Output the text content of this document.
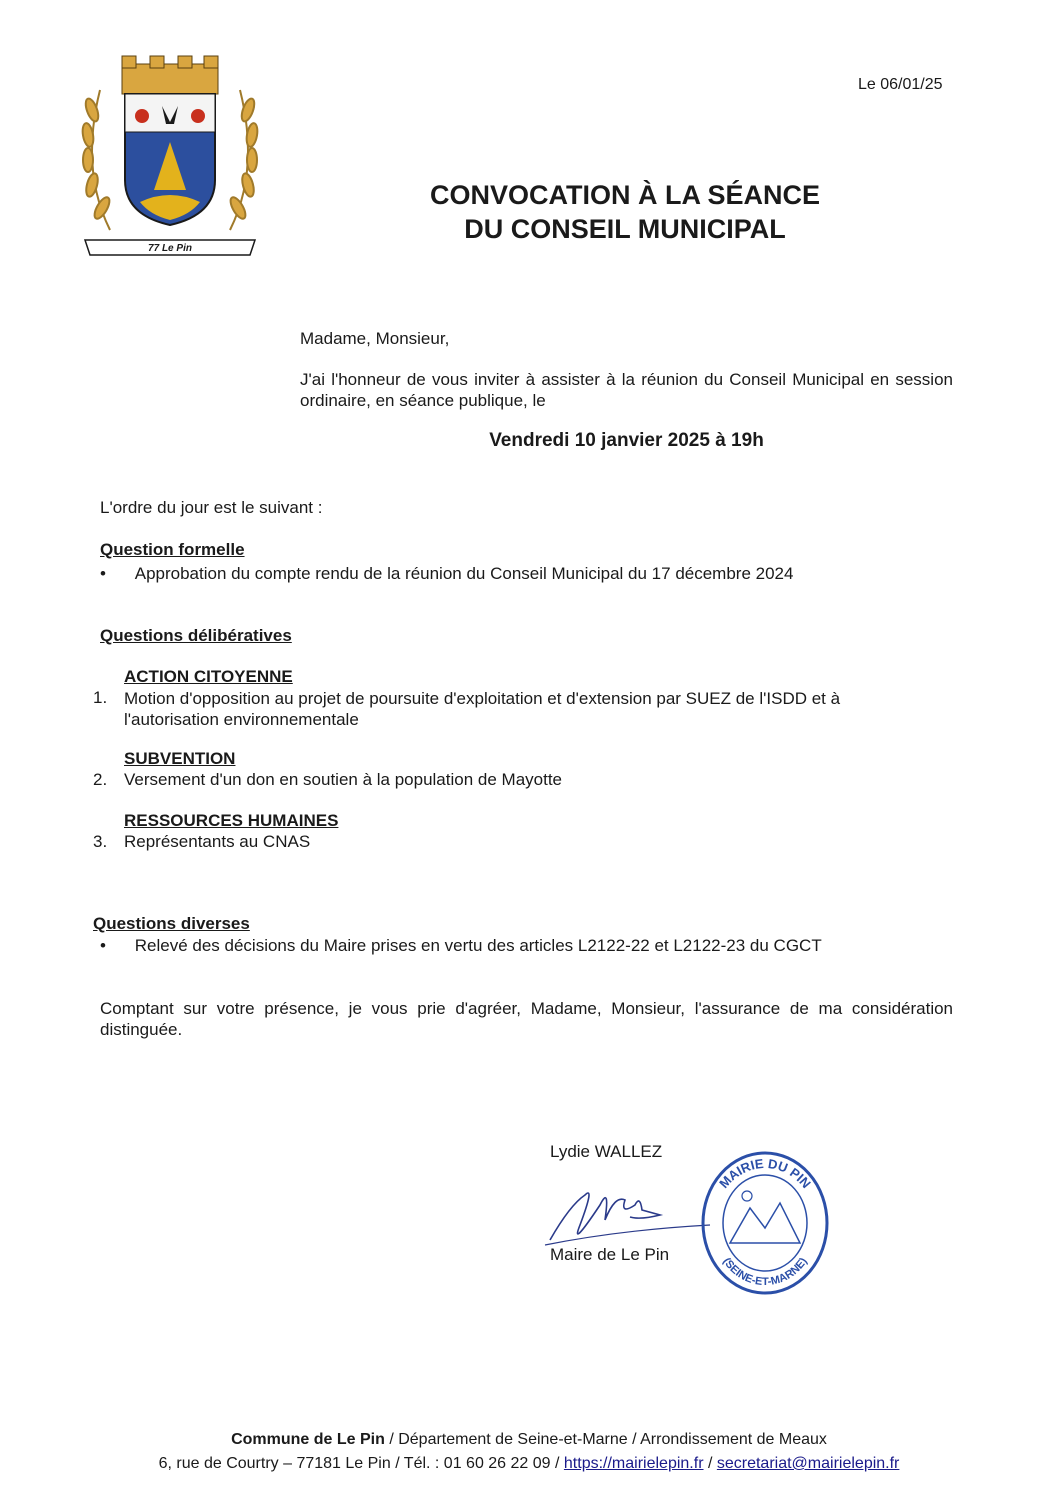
77 Le Pin
Le 06/01/25
CONVOCATION À LA SÉANCE
DU CONSEIL MUNICIPAL
Madame, Monsieur,
J'ai l'honneur de vous inviter à assister à la réunion du Conseil Municipal en session ordinaire, en séance publique, le
Vendredi 10 janvier 2025 à 19h
L'ordre du jour est le suivant :
Question formelle
• Approbation du compte rendu de la réunion du Conseil Municipal du 17 décembre 2024
Questions délibératives
ACTION CITOYENNE
1. Motion d'opposition au projet de poursuite d'exploitation et d'extension par SUEZ de l'ISDD et à l'autorisation environnementale
SUBVENTION
2. Versement d'un don en soutien à la population de Mayotte
RESSOURCES HUMAINES
3. Représentants au CNAS
Questions diverses
• Relevé des décisions du Maire prises en vertu des articles L2122-22 et L2122-23 du CGCT
Comptant sur votre présence, je vous prie d'agréer, Madame, Monsieur, l'assurance de ma considération distinguée.
Lydie WALLEZ
Maire de Le Pin
MAIRIE DU PIN
(SEINE-ET-MARNE)
Commune de Le Pin / Département de Seine-et-Marne / Arrondissement de Meaux
6, rue de Courtry – 77181 Le Pin / Tél. : 01 60 26 22 09 / https://mairielepin.fr / secretariat@mairielepin.fr
